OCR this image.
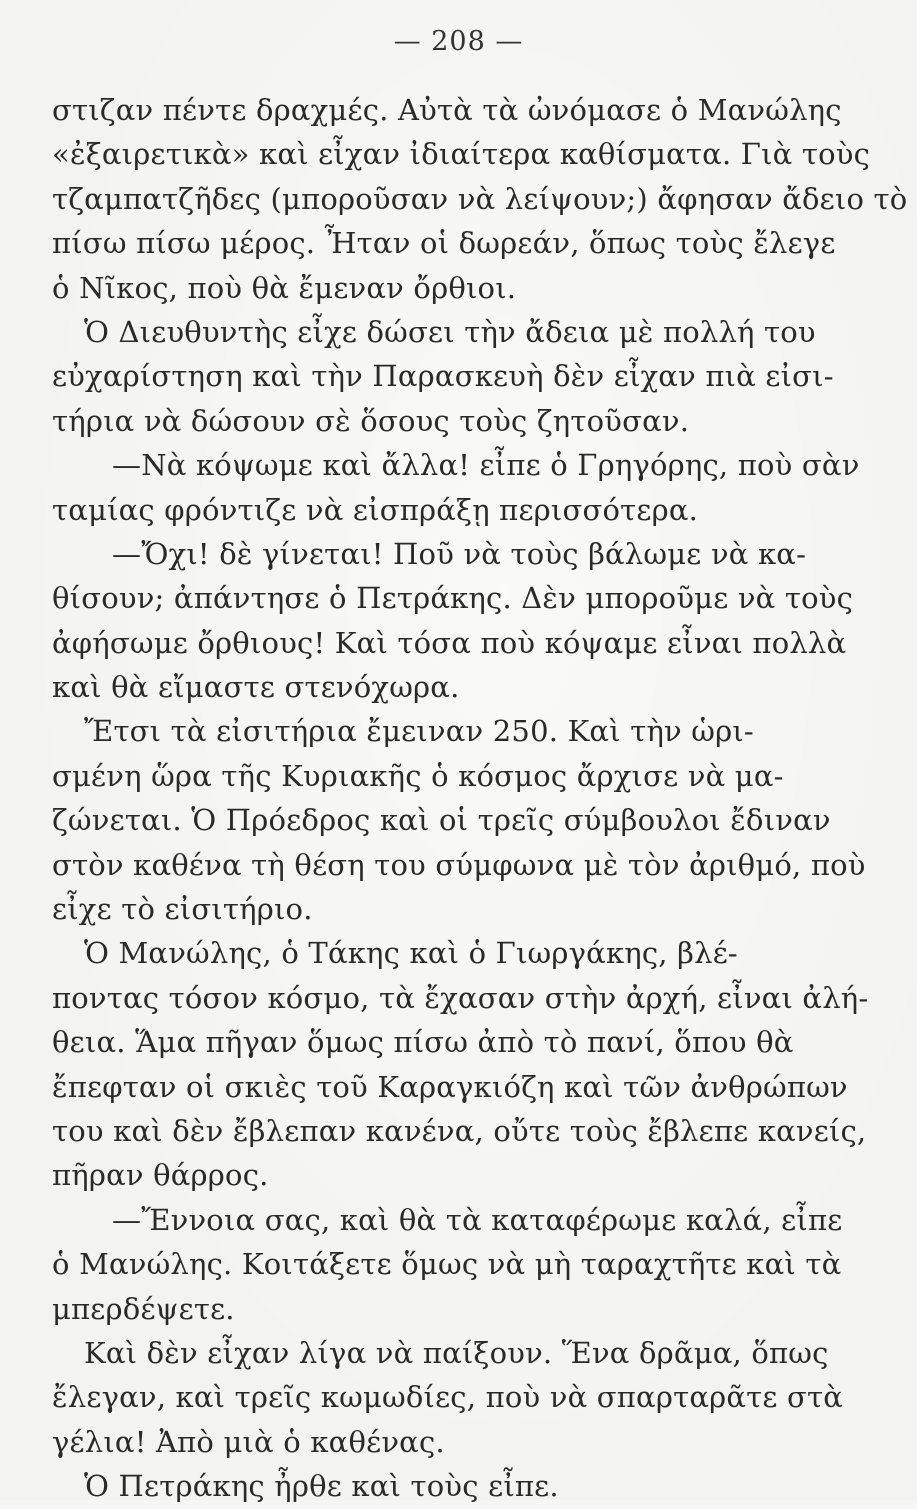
— 208 —
στιζαν πέντε δραχμές. Αὐτὰ τὰ ὠνόμασε ὁ Μανώλης
«ἐξαιρετικὰ» καὶ εἶχαν ἰδιαίτερα καθίσματα. Γιὰ τοὺς
τζαμπατζῆδες (μποροῦσαν νὰ λείψουν;) ἄφησαν ἄδειο τὸ
πίσω πίσω μέρος. Ἦταν οἱ δωρεάν, ὅπως τοὺς ἔλεγε
ὁ Νῖκος, ποὺ θὰ ἔμεναν ὄρθιοι.
Ὁ Διευθυντὴς εἶχε δώσει τὴν ἄδεια μὲ πολλή του
εὐχαρίστηση καὶ τὴν Παρασκευὴ δὲν εἶχαν πιὰ εἰσι-
τήρια νὰ δώσουν σὲ ὅσους τοὺς ζητοῦσαν.
—Νὰ κόψωμε καὶ ἄλλα! εἶπε ὁ Γρηγόρης, ποὺ σὰν
ταμίας φρόντιζε νὰ εἰσπράξῃ περισσότερα.
—Ὄχι! δὲ γίνεται! Ποῦ νὰ τοὺς βάλωμε νὰ κα-
θίσουν; ἀπάντησε ὁ Πετράκης. Δὲν μποροῦμε νὰ τοὺς
ἀφήσωμε ὄρθιους! Καὶ τόσα ποὺ κόψαμε εἶναι πολλὰ
καὶ θὰ εἴμαστε στενόχωρα.
Ἔτσι τὰ εἰσιτήρια ἔμειναν 250. Καὶ τὴν ὡρι-
σμένη ὥρα τῆς Κυριακῆς ὁ κόσμος ἄρχισε νὰ μα-
ζώνεται. Ὁ Πρόεδρος καὶ οἱ τρεῖς σύμβουλοι ἔδιναν
στὸν καθένα τὴ θέση του σύμφωνα μὲ τὸν ἀριθμό, ποὺ
εἶχε τὸ εἰσιτήριο.
Ὁ Μανώλης, ὁ Τάκης καὶ ὁ Γιωργάκης, βλέ-
ποντας τόσον κόσμο, τὰ ἔχασαν στὴν ἀρχή, εἶναι ἀλή-
θεια. Ἅμα πῆγαν ὅμως πίσω ἀπὸ τὸ πανί, ὅπου θὰ
ἔπεφταν οἱ σκιὲς τοῦ Καραγκιόζη καὶ τῶν ἀνθρώπων
του καὶ δὲν ἔβλεπαν κανένα, οὔτε τοὺς ἔβλεπε κανείς,
πῆραν θάρρος.
—Ἔννοια σας, καὶ θὰ τὰ καταφέρωμε καλά, εἶπε
ὁ Μανώλης. Κοιτάξετε ὅμως νὰ μὴ ταραχτῆτε καὶ τὰ
μπερδέψετε.
Καὶ δὲν εἶχαν λίγα νὰ παίξουν. Ἕνα δρᾶμα, ὅπως
ἔλεγαν, καὶ τρεῖς κωμωδίες, ποὺ νὰ σπαρταρᾶτε στὰ
γέλια! Ἀπὸ μιὰ ὁ καθένας.
Ὁ Πετράκης ἦρθε καὶ τοὺς εἶπε.
